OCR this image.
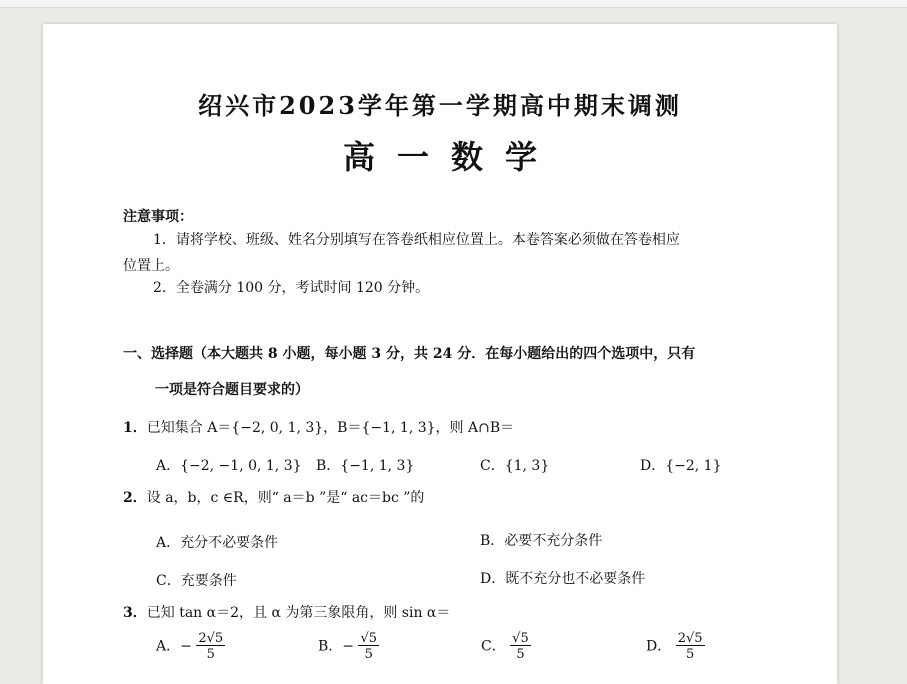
绍兴市2023学年第一学期高中期末调测
高一数学
注意事项：
1．请将学校、班级、姓名分别填写在答卷纸相应位置上。本卷答案必须做在答卷相应
位置上。
2．全卷满分 100 分，考试时间 120 分钟。
一、选择题（本大题共 8 小题，每小题 3 分，共 24 分．在每小题给出的四个选项中，只有
一项是符合题目要求的）
1．已知集合 A＝{−2, 0, 1, 3}，B＝{−1, 1, 3}，则 A∩B＝
A．{−2, −1, 0, 1, 3} B．{−1, 1, 3}	C．{1, 3}	D．{−2, 1}
2．设 a，b，c ∈R，则“ a＝b ”是“ ac＝bc ”的
A．充分不必要条件	B．必要不充分条件
C．充要条件	D．既不充分也不必要条件
3．已知 tan α＝2，且 α 为第三象限角，则 sin α＝
A．− $\frac{2√5}{5}$	B．− $\frac{√5}{5}$	C． $\frac{√5}{5}$	D． $\frac{2√5}{5}$
